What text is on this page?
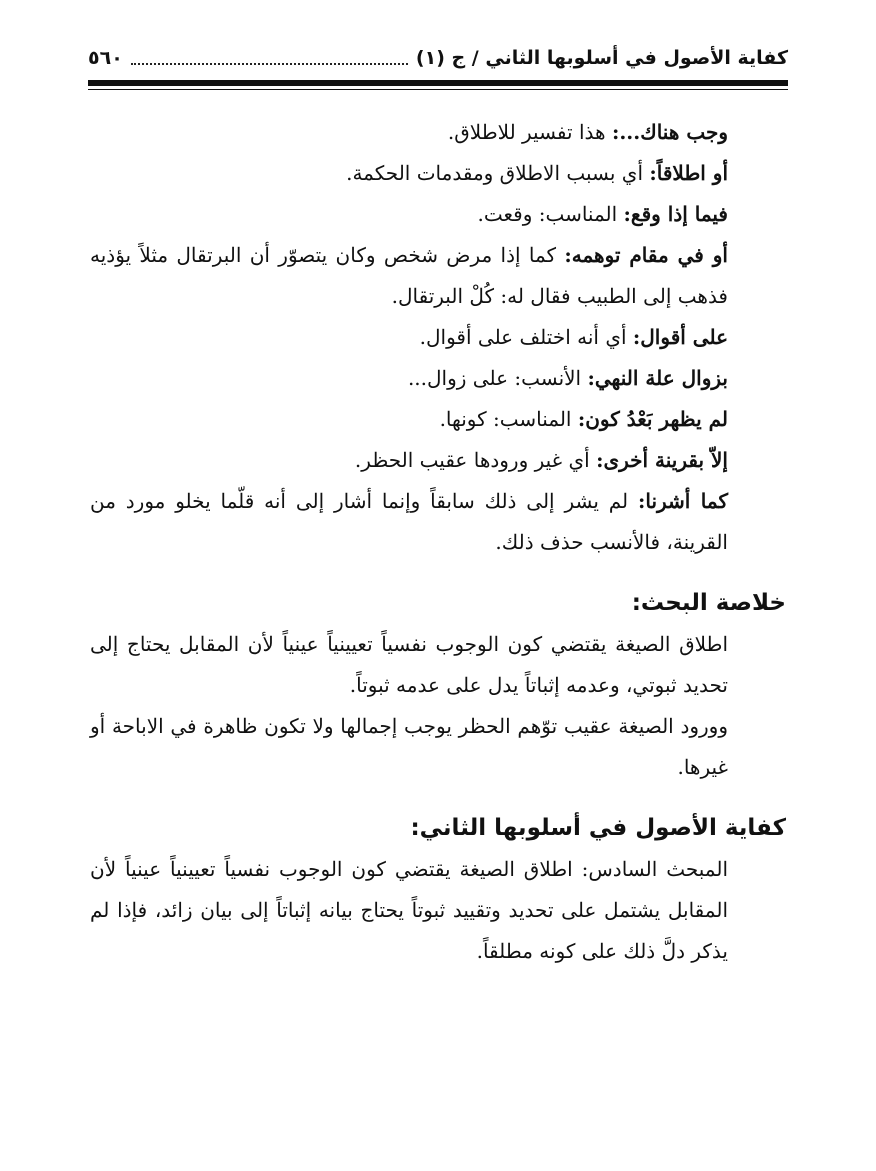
كفاية الأصول في أسلوبها الثاني / ج (١)
٥٦٠

وجب هناك...: هذا تفسير للاطلاق.

أو اطلاقاً: أي بسبب الاطلاق ومقدمات الحكمة.

فيما إذا وقع: المناسب: وقعت.

أو في مقام توهمه: كما إذا مرض شخص وكان يتصوّر أن البرتقال مثلاً يؤذيه فذهب إلى الطبيب فقال له: كُلْ البرتقال.

على أقوال: أي أنه اختلف على أقوال.

بزوال علة النهي: الأنسب: على زوال...

لم يظهر بَعْدُ كون: المناسب: كونها.

إلاّ بقرينة أخرى: أي غير ورودها عقيب الحظر.

كما أشرنا: لم يشر إلى ذلك سابقاً وإنما أشار إلى أنه قلّما يخلو مورد من القرينة، فالأنسب حذف ذلك.

خلاصة البحث:

اطلاق الصيغة يقتضي كون الوجوب نفسياً تعيينياً عينياً لأن المقابل يحتاج إلى تحديد ثبوتي، وعدمه إثباتاً يدل على عدمه ثبوتاً.

وورود الصيغة عقيب توّهم الحظر يوجب إجمالها ولا تكون ظاهرة في الاباحة أو غيرها.

كفاية الأصول في أسلوبها الثاني:

المبحث السادس: اطلاق الصيغة يقتضي كون الوجوب نفسياً تعيينياً عينياً لأن المقابل يشتمل على تحديد وتقييد ثبوتاً يحتاج بيانه إثباتاً إلى بيان زائد، فإذا لم يذكر دلَّ ذلك على كونه مطلقاً.
